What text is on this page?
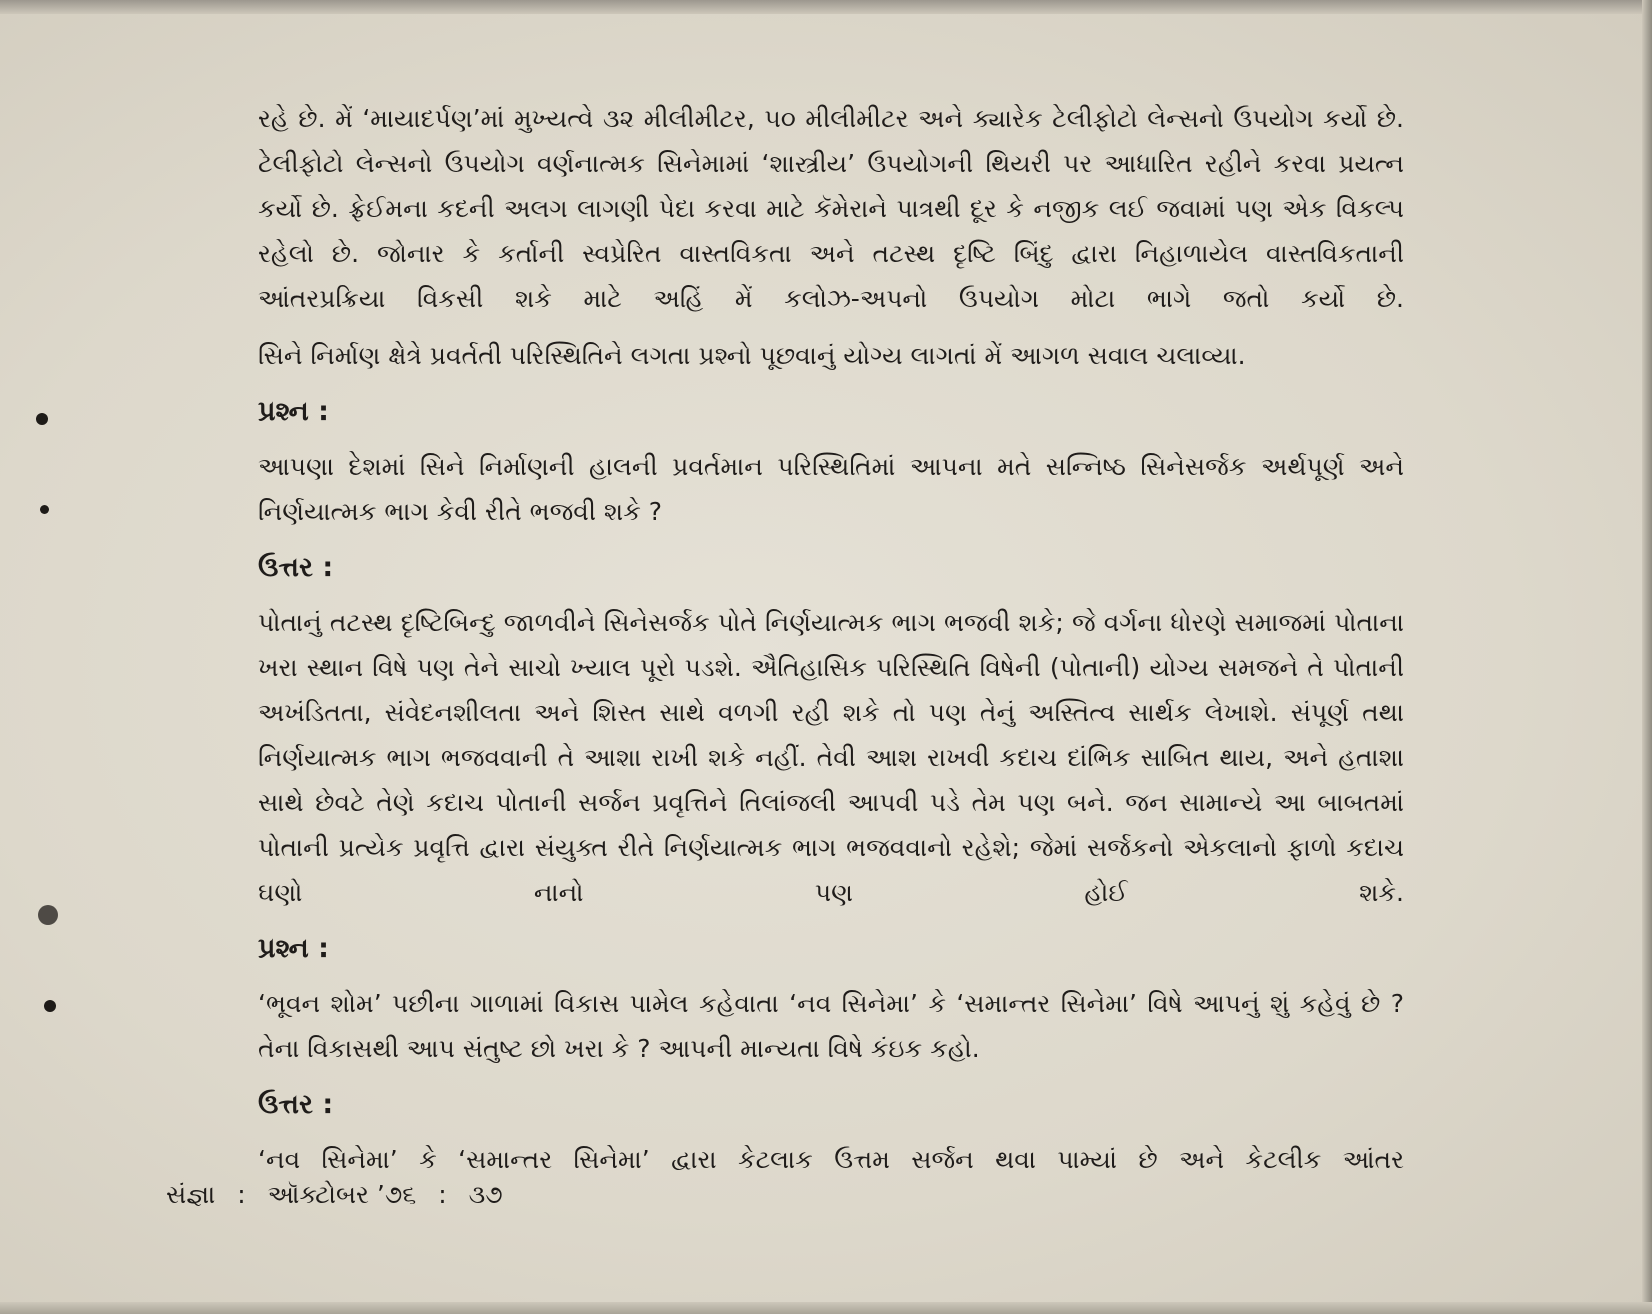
રહે છે. મેં ‘માયાદર્પણ’માં મુખ્યત્વે ૩૨ મીલીમીટર, ૫૦ મીલીમીટર અને ક્યારેક ટેલીફોટો લેન્સનો ઉપયોગ કર્યો છે. ટેલીફોટો લેન્સનો ઉપયોગ વર્ણનાત્મક સિનેમામાં ‘શાસ્ત્રીય’ ઉપયોગની થિયરી પર આધારિત રહીને કરવા પ્રયત્ન કર્યો છે. ફ્રેઈમના કદની અલગ લાગણી પેદા કરવા માટે કૅમેરાને પાત્રથી દૂર કે નજીક લઈ જવામાં પણ એક વિકલ્પ રહેલો છે. જોનાર કે કર્તાની સ્વપ્રેરિત વાસ્તવિકતા અને તટસ્થ દૃષ્ટિ બિંદુ દ્વારા નિહાળાયેલ વાસ્તવિકતાની આંતરપ્રક્રિયા વિકસી શકે માટે અહિં મેં કલોઝ-અપનો ઉપયોગ મોટા ભાગે જતો કર્યો છે.

સિને નિર્માણ ક્ષેત્રે પ્રવર્તતી પરિસ્થિતિને લગતા પ્રશ્નો પૂછવાનું યોગ્ય લાગતાં મેં આગળ સવાલ ચલાવ્યા.

પ્રશ્ન :

આપણા દેશમાં સિને નિર્માણની હાલની પ્રવર્તમાન પરિસ્થિતિમાં આપના મતે સન્નિષ્ઠ સિનેસર્જક અર્થપૂર્ણ અને નિર્ણયાત્મક ભાગ કેવી રીતે ભજવી શકે ?

ઉત્તર :

પોતાનું તટસ્થ દૃષ્ટિબિન્દુ જાળવીને સિનેસર્જક પોતે નિર્ણયાત્મક ભાગ ભજવી શકે; જે વર્ગના ધોરણે સમાજમાં પોતાના ખરા સ્થાન વિષે પણ તેને સાચો ખ્યાલ પૂરો પડશે. ઐતિહાસિક પરિસ્થિતિ વિષેની (પોતાની) યોગ્ય સમજને તે પોતાની અખંડિતતા, સંવેદનશીલતા અને શિસ્ત સાથે વળગી રહી શકે તો પણ તેનું અસ્તિત્વ સાર્થક લેખાશે. સંપૂર્ણ તથા નિર્ણયાત્મક ભાગ ભજવવાની તે આશા રાખી શકે નહીં. તેવી આશ રાખવી કદાચ દાંભિક સાબિત થાય, અને હતાશા સાથે છેવટે તેણે કદાચ પોતાની સર્જન પ્રવૃત્તિને તિલાંજલી આપવી પડે તેમ પણ બને. જન સામાન્યે આ બાબતમાં પોતાની પ્રત્યેક પ્રવૃત્તિ દ્વારા સંયુક્ત રીતે નિર્ણયાત્મક ભાગ ભજવવાનો રહેશે; જેમાં સર્જકનો એકલાનો ફાળો કદાચ ઘણો નાનો પણ હોઈ શકે.

પ્રશ્ન :

‘ભૂવન શોમ’ પછીના ગાળામાં વિકાસ પામેલ કહેવાતા ‘નવ સિનેમા’ કે ‘સમાન્તર સિનેમા’ વિષે આપનું શું કહેવું છે ? તેના વિકાસથી આપ સંતુષ્ટ છો ખરા કે ? આપની માન્યતા વિષે કંઇક કહો.

ઉત્તર :

‘નવ સિનેમા’ કે ‘સમાન્તર સિનેમા’ દ્વારા કેટલાક ઉત્તમ સર્જન થવા પામ્યાં છે અને કેટલીક આંતર

સંજ્ઞા : ઑક્ટોબર ’૭૬ : ૩૭
